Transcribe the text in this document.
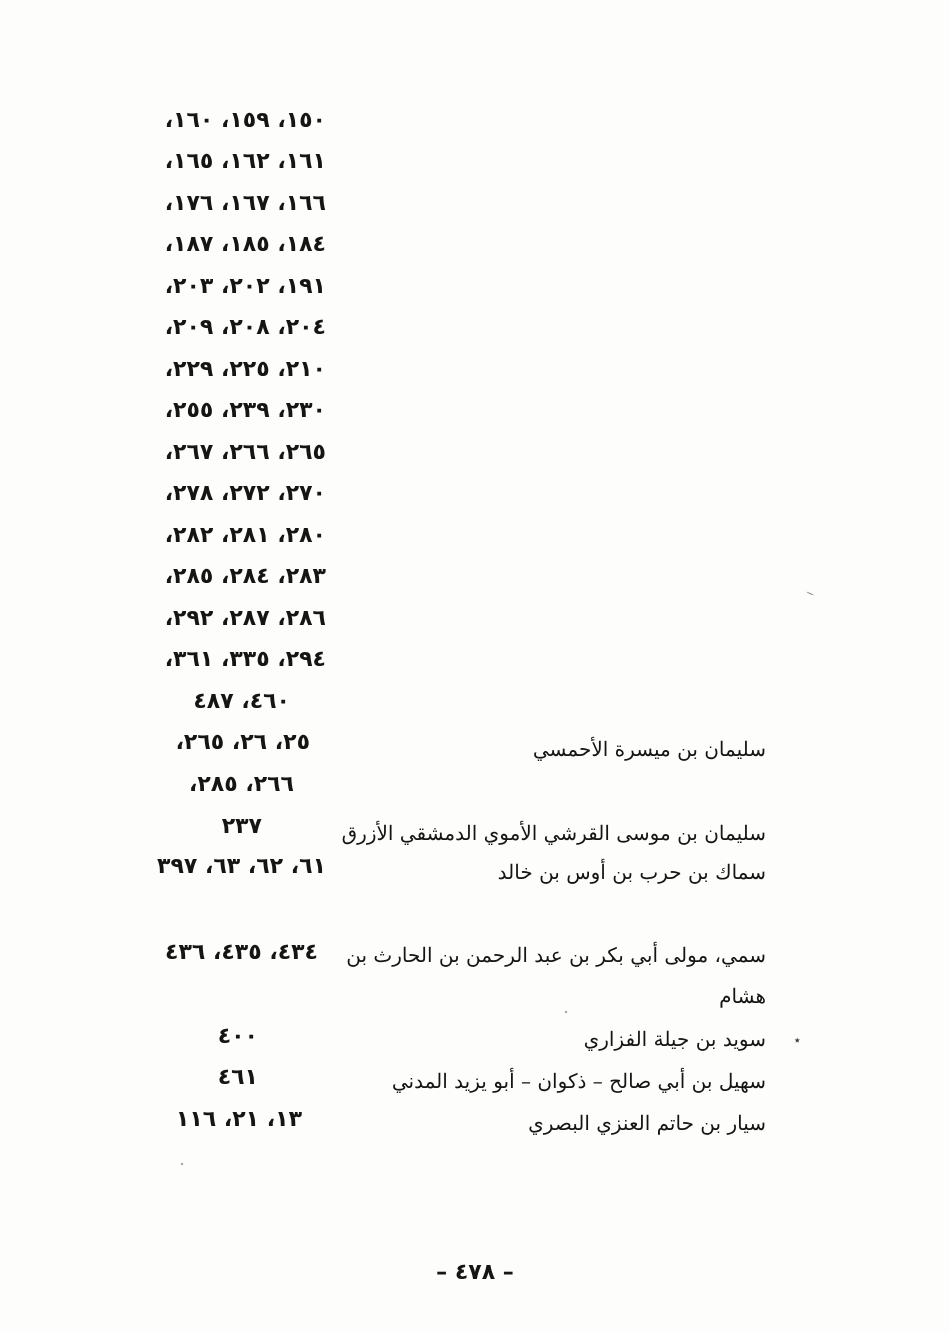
١٥٠، ١٥٩، ١٦٠،
١٦١، ١٦٢، ١٦٥،
١٦٦، ١٦٧، ١٧٦،
١٨٤، ١٨٥، ١٨٧،
١٩١، ٢٠٢، ٢٠٣،
٢٠٤، ٢٠٨، ٢٠٩،
٢١٠، ٢٢٥، ٢٢٩،
٢٣٠، ٢٣٩، ٢٥٥،
٢٦٥، ٢٦٦، ٢٦٧،
٢٧٠، ٢٧٢، ٢٧٨،
٢٨٠، ٢٨١، ٢٨٢،
٢٨٣، ٢٨٤، ٢٨٥،
٢٨٦، ٢٨٧، ٢٩٢،
٢٩٤، ٣٣٥، ٣٦١،
٤٦٠، ٤٨٧
سليمان بن ميسرة الأحمسي
٢٥، ٢٦، ٢٦٥،
٢٦٦، ٢٨٥،
سليمان بن موسى القرشي الأموي الدمشقي الأزرق
٢٣٧
سماك بن حرب بن أوس بن خالد
٦١، ٦٢، ٦٣، ٣٩٧
سمي، مولى أبي بكر بن عبد الرحمن بن الحارث بن
هشام
٤٣٤، ٤٣٥، ٤٣٦
٭
سويد بن جيلة الفزاري
٤٠٠
سهيل بن أبي صالح – ذكوان – أبو يزيد المدني
٤٦١
سيار بن حاتم العنزي البصري
١٣، ٢١، ١١٦
– ٤٧٨ –
